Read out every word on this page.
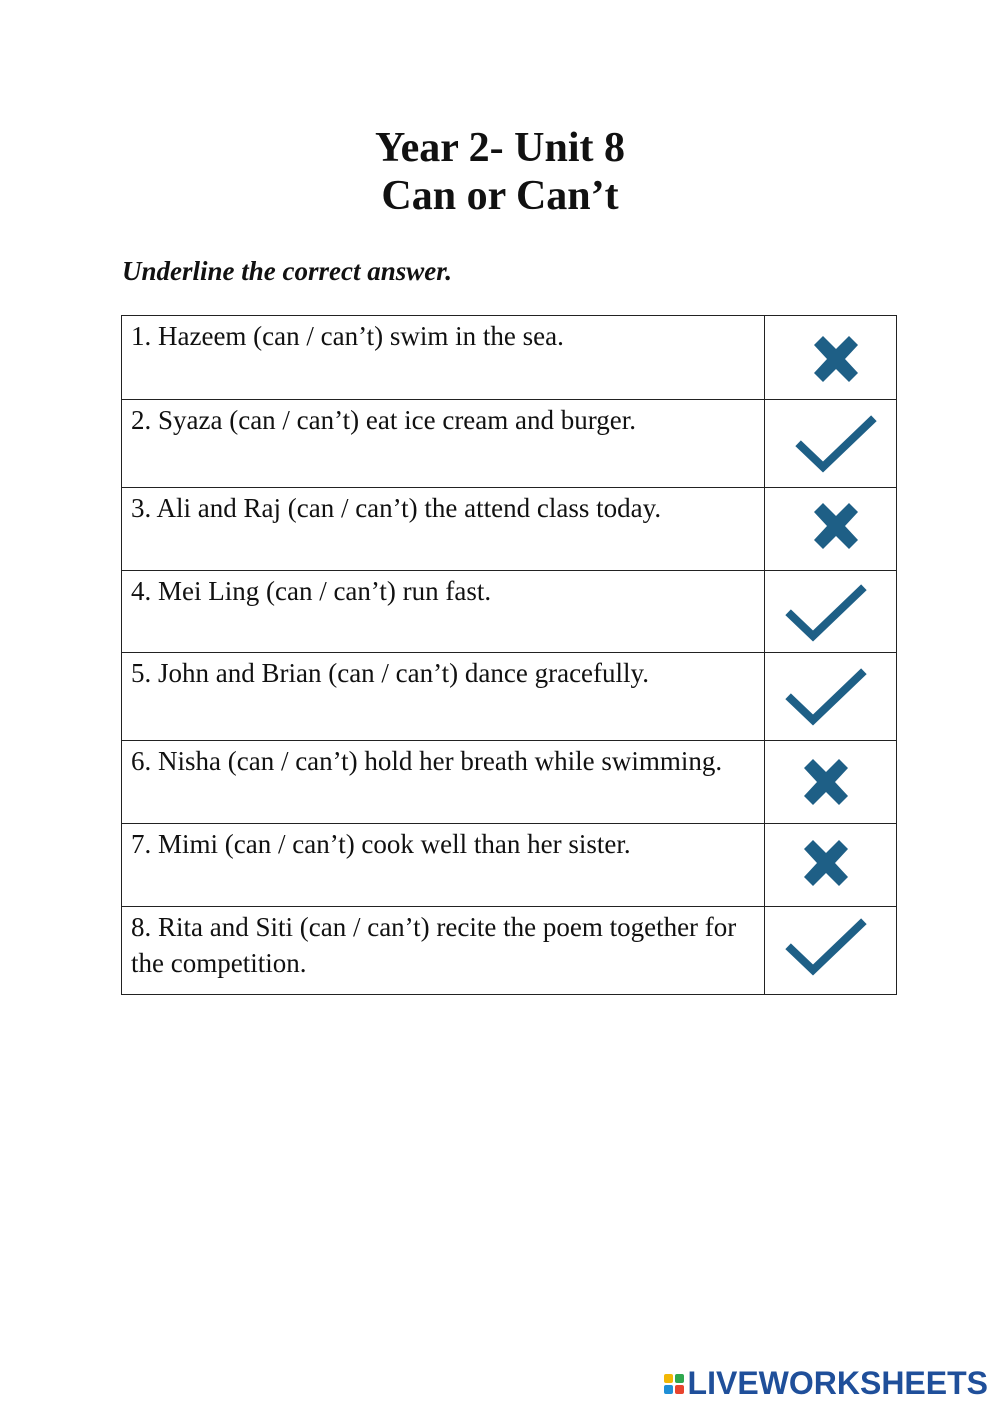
Year 2- Unit 8
Can or Can’t
Underline the correct answer.
1. Hazeem (can / can’t) swim in the sea.	

2. Syaza (can / can’t) eat ice cream and burger.	

3. Ali and Raj (can / can’t) the attend class today.	

4. Mei Ling (can / can’t) run fast.	

5. John and Brian (can / can’t) dance gracefully.	

6. Nisha (can / can’t) hold her breath while swimming.	

7. Mimi (can / can’t) cook well than her sister.	

8. Rita and Siti (can / can’t) recite the poem together for the competition.	
LIVEWORKSHEETS
